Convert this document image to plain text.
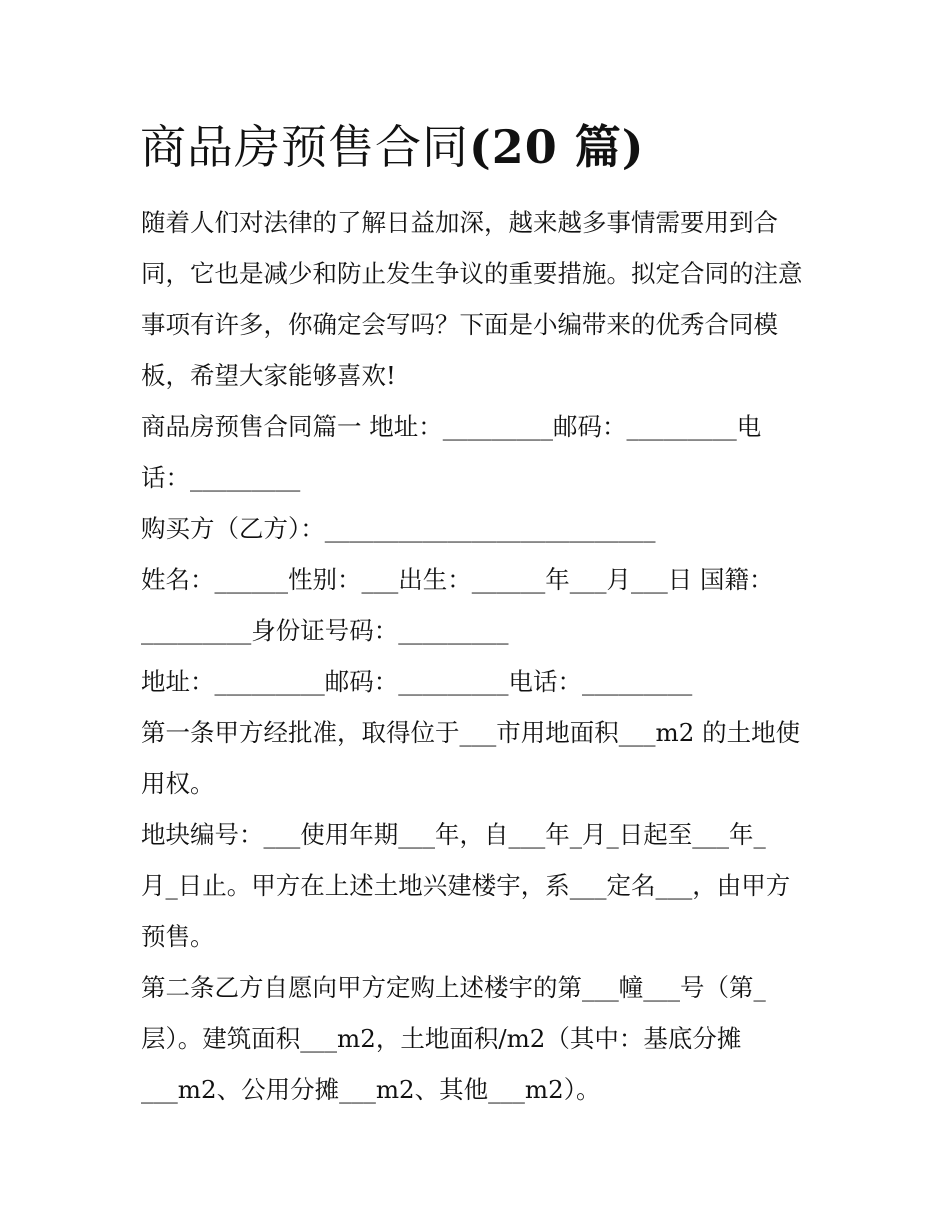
商品房预售合同(20 篇)

随着人们对法律的了解日益加深，越来越多事情需要用到合

同，它也是减少和防止发生争议的重要措施。拟定合同的注意

事项有许多，你确定会写吗？下面是小编带来的优秀合同模

板，希望大家能够喜欢!

商品房预售合同篇一 地址：_________邮码：_________电

话：_________

购买方（乙方）：___________________________

姓名：______性别：___出生：______年___月___日 国籍：

_________身份证号码：_________

地址：_________邮码：_________电话：_________

第一条甲方经批准，取得位于___市用地面积___m2 的土地使

用权。

地块编号：___使用年期___年，自___年_月_日起至___年_

月_日止。甲方在上述土地兴建楼宇，系___定名___，由甲方

预售。

第二条乙方自愿向甲方定购上述楼宇的第___幢___号（第_

层）。建筑面积___m2，土地面积/m2（其中：基底分摊

___m2、公用分摊___m2、其他___m2）。
